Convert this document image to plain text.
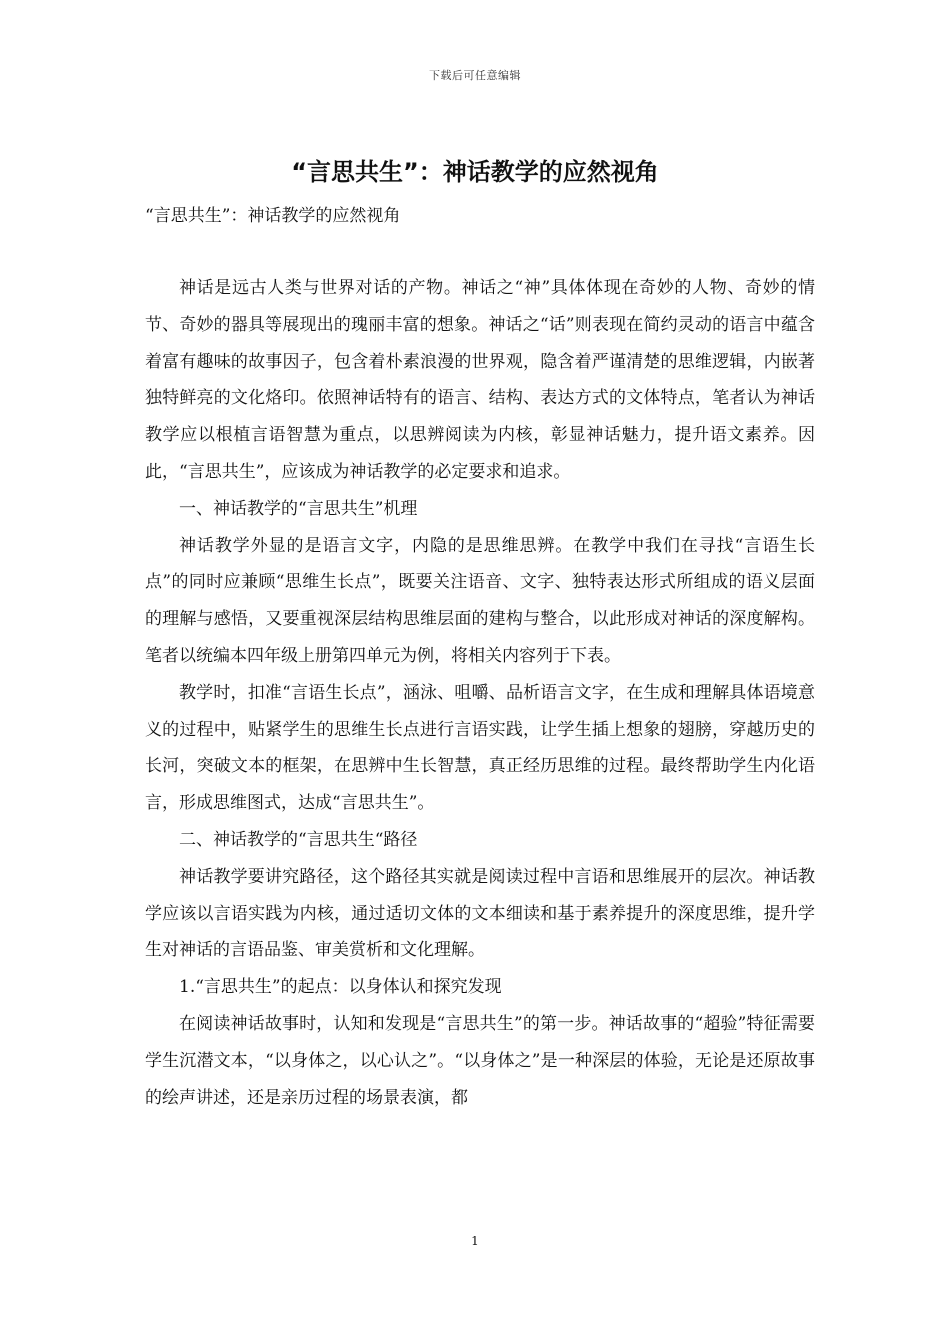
下载后可任意编辑
“言思共生”：神话教学的应然视角

“言思共生”：神话教学的应然视角

神话是远古人类与世界对话的产物。神话之“神”具体体现在奇妙的人物、奇妙的情节、奇妙的器具等展现出的瑰丽丰富的想象。神话之“话”则表现在简约灵动的语言中蕴含着富有趣味的故事因子，包含着朴素浪漫的世界观，隐含着严谨清楚的思维逻辑，内嵌著独特鲜亮的文化烙印。依照神话特有的语言、结构、表达方式的文体特点，笔者认为神话教学应以根植言语智慧为重点，以思辨阅读为内核，彰显神话魅力，提升语文素养。因此，“言思共生”，应该成为神话教学的必定要求和追求。

一、神话教学的“言思共生”机理

神话教学外显的是语言文字，内隐的是思维思辨。在教学中我们在寻找“言语生长点”的同时应兼顾“思维生长点”，既要关注语音、文字、独特表达形式所组成的语义层面的理解与感悟，又要重视深层结构思维层面的建构与整合，以此形成对神话的深度解构。笔者以统编本四年级上册第四单元为例，将相关内容列于下表。

教学时，扣准“言语生长点”，涵泳、咀嚼、品析语言文字，在生成和理解具体语境意义的过程中，贴紧学生的思维生长点进行言语实践，让学生插上想象的翅膀，穿越历史的长河，突破文本的框架，在思辨中生长智慧，真正经历思维的过程。最终帮助学生内化语言，形成思维图式，达成“言思共生”。

二、神话教学的“言思共生“路径

神话教学要讲究路径，这个路径其实就是阅读过程中言语和思维展开的层次。神话教学应该以言语实践为内核，通过适切文体的文本细读和基于素养提升的深度思维，提升学生对神话的言语品鉴、审美赏析和文化理解。

1.“言思共生”的起点：以身体认和探究发现

在阅读神话故事时，认知和发现是“言思共生”的第一步。神话故事的“超验”特征需要学生沉潜文本，“以身体之，以心认之”。“以身体之”是一种深层的体验，无论是还原故事的绘声讲述，还是亲历过程的场景表演，都

1
